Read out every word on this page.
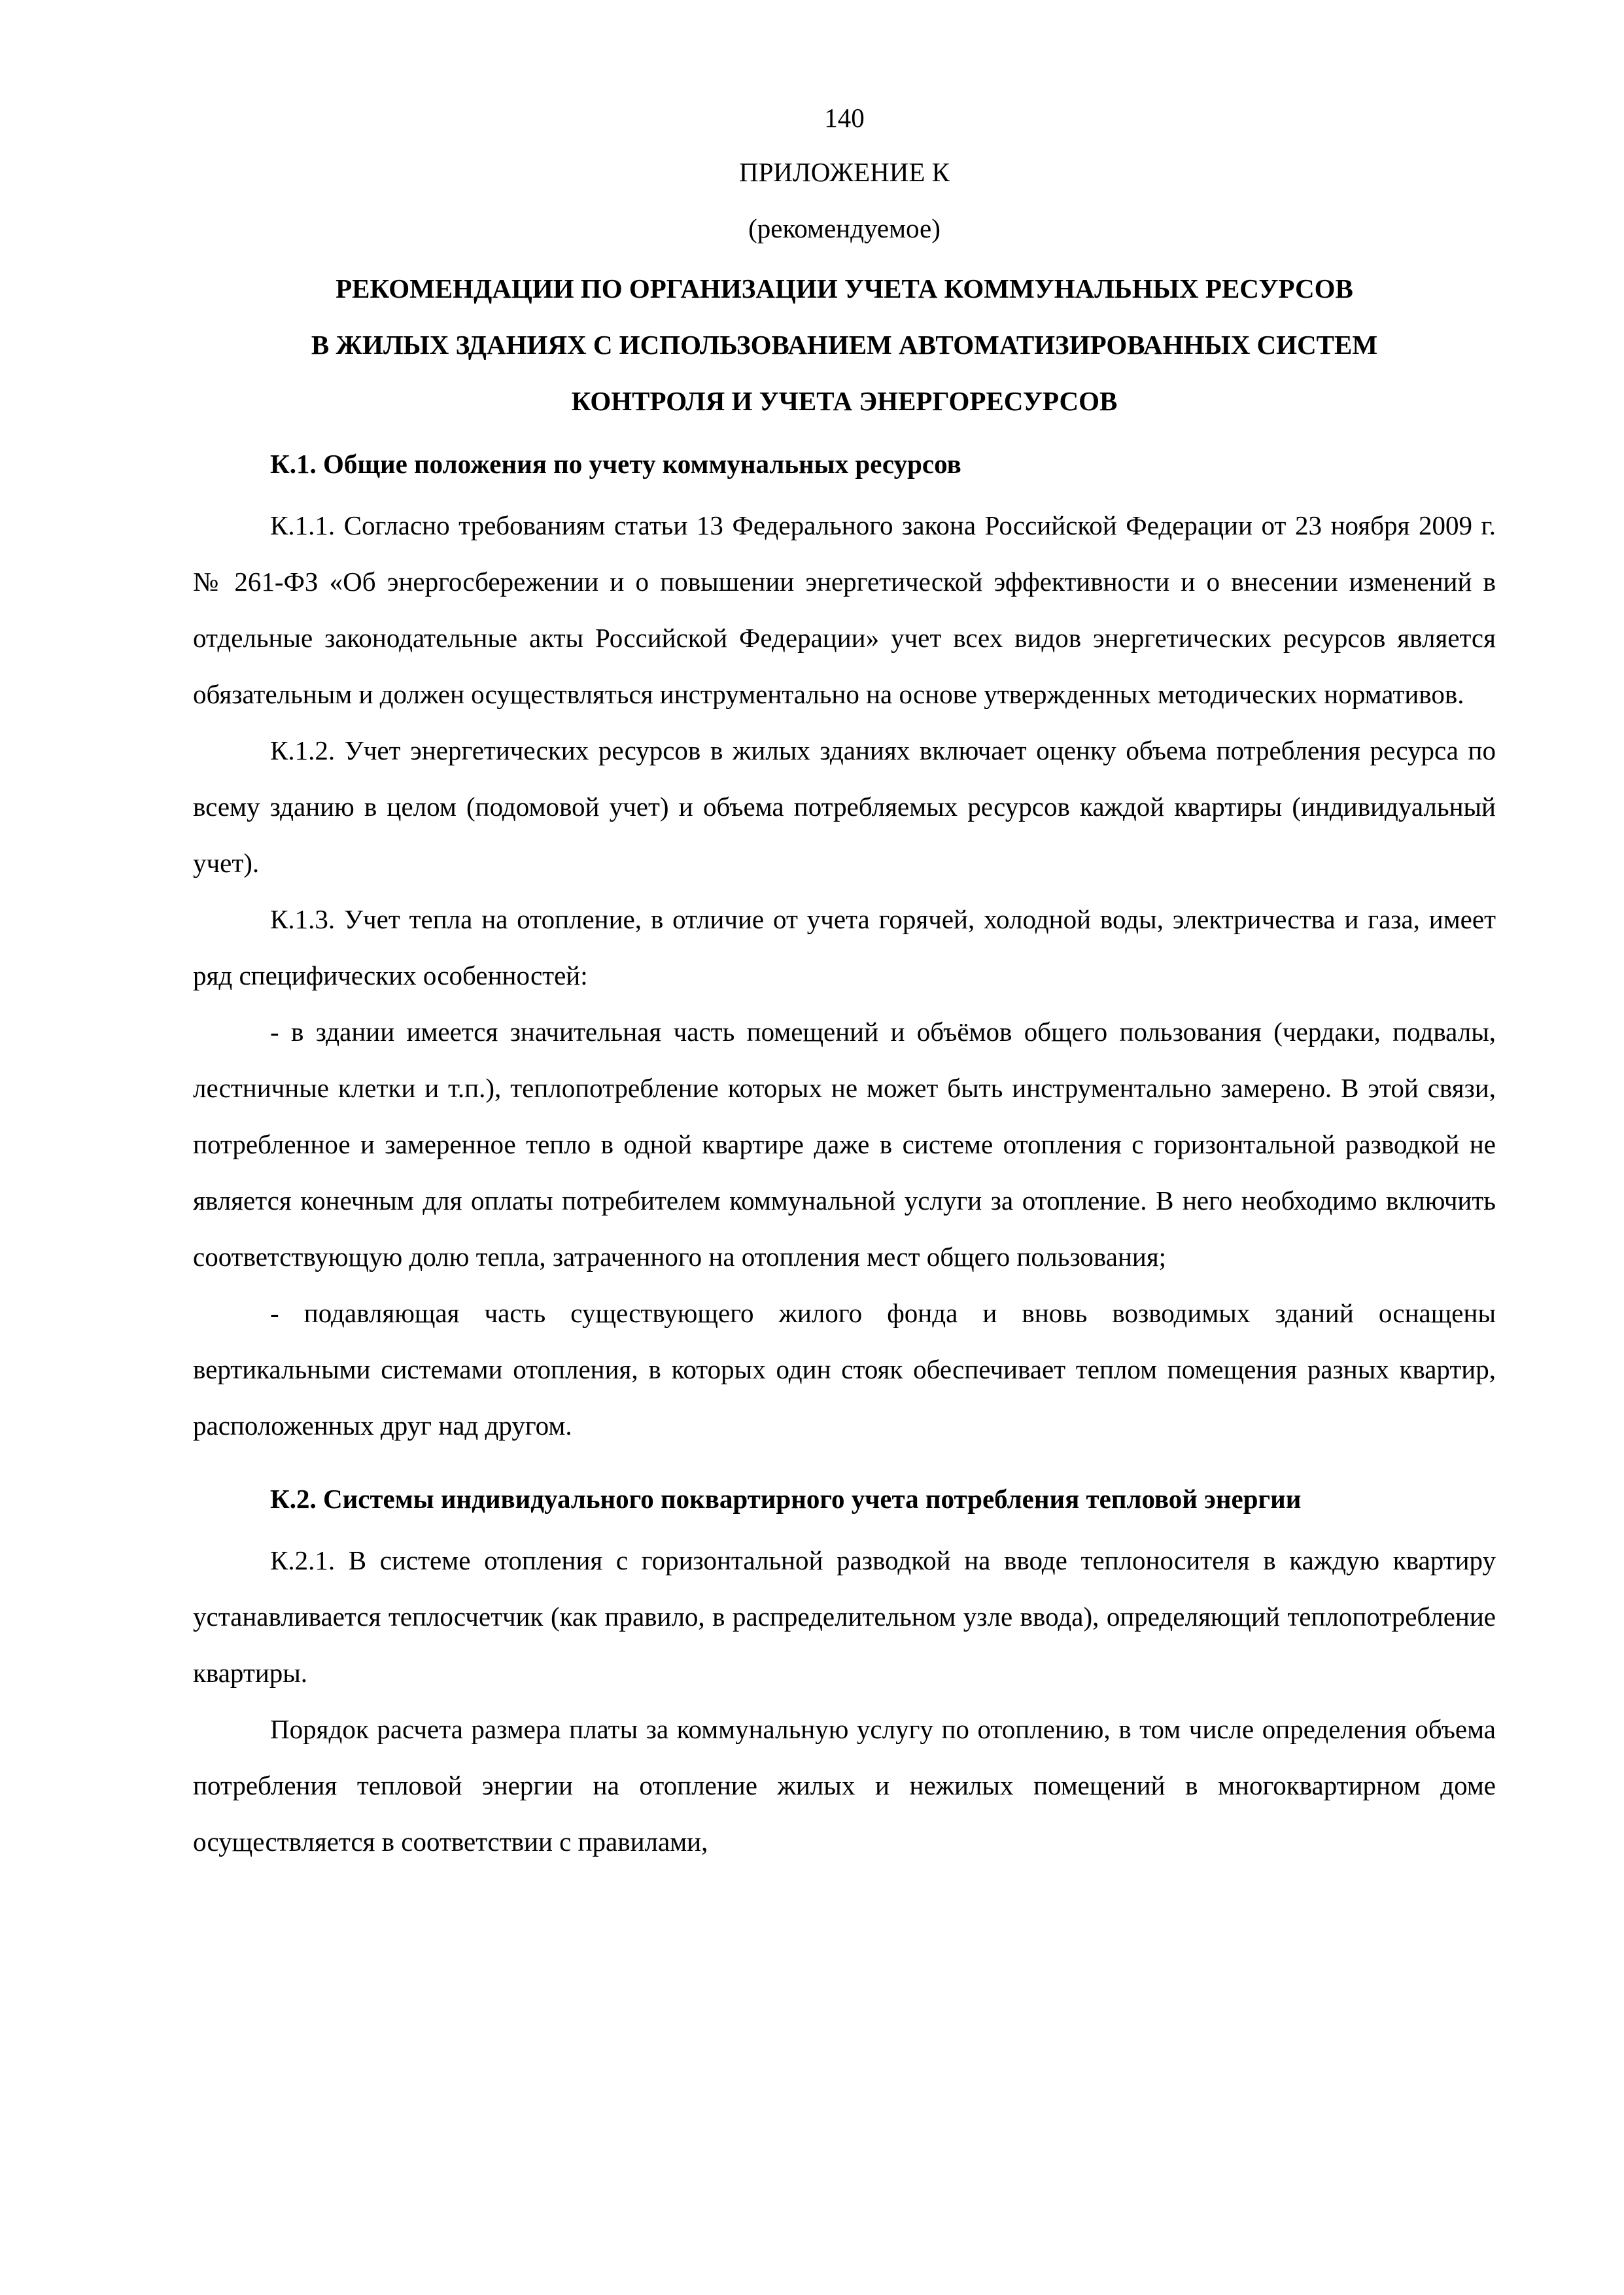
140

ПРИЛОЖЕНИЕ К

(рекомендуемое)

РЕКОМЕНДАЦИИ ПО ОРГАНИЗАЦИИ УЧЕТА КОММУНАЛЬНЫХ РЕСУРСОВ
В ЖИЛЫХ ЗДАНИЯХ С ИСПОЛЬЗОВАНИЕМ АВТОМАТИЗИРОВАННЫХ СИСТЕМ
КОНТРОЛЯ И УЧЕТА ЭНЕРГОРЕСУРСОВ
К.1. Общие положения по учету коммунальных ресурсов

К.1.1. Согласно требованиям статьи 13 Федерального закона Российской Федерации от 23 ноября 2009 г. № 261-ФЗ «Об энергосбережении и о повышении энергетической эффективности и о внесении изменений в отдельные законодательные акты Российской Федерации» учет всех видов энергетических ресурсов является обязательным и должен осуществляться инструментально на основе утвержденных методических нормативов.

К.1.2. Учет энергетических ресурсов в жилых зданиях включает оценку объема потребления ресурса по всему зданию в целом (подомовой учет) и объема потребляемых ресурсов каждой квартиры (индивидуальный учет).

К.1.3. Учет тепла на отопление, в отличие от учета горячей, холодной воды, электричества и газа, имеет ряд специфических особенностей:

- в здании имеется значительная часть помещений и объёмов общего пользования (чердаки, подвалы, лестничные клетки и т.п.), теплопотребление которых не может быть инструментально замерено. В этой связи, потребленное и замеренное тепло в одной квартире даже в системе отопления с горизонтальной разводкой не является конечным для оплаты потребителем коммунальной услуги за отопление. В него необходимо включить соответствующую долю тепла, затраченного на отопления мест общего пользования;

- подавляющая часть существующего жилого фонда и вновь возводимых зданий оснащены вертикальными системами отопления, в которых один стояк обеспечивает теплом помещения разных квартир, расположенных друг над другом.

К.2. Системы индивидуального поквартирного учета потребления тепловой энергии

К.2.1. В системе отопления с горизонтальной разводкой на вводе теплоносителя в каждую квартиру устанавливается теплосчетчик (как правило, в распределительном узле ввода), определяющий теплопотребление квартиры.

Порядок расчета размера платы за коммунальную услугу по отоплению, в том числе определения объема потребления тепловой энергии на отопление жилых и нежилых помещений в многоквартирном доме осуществляется в соответствии с правилами,
